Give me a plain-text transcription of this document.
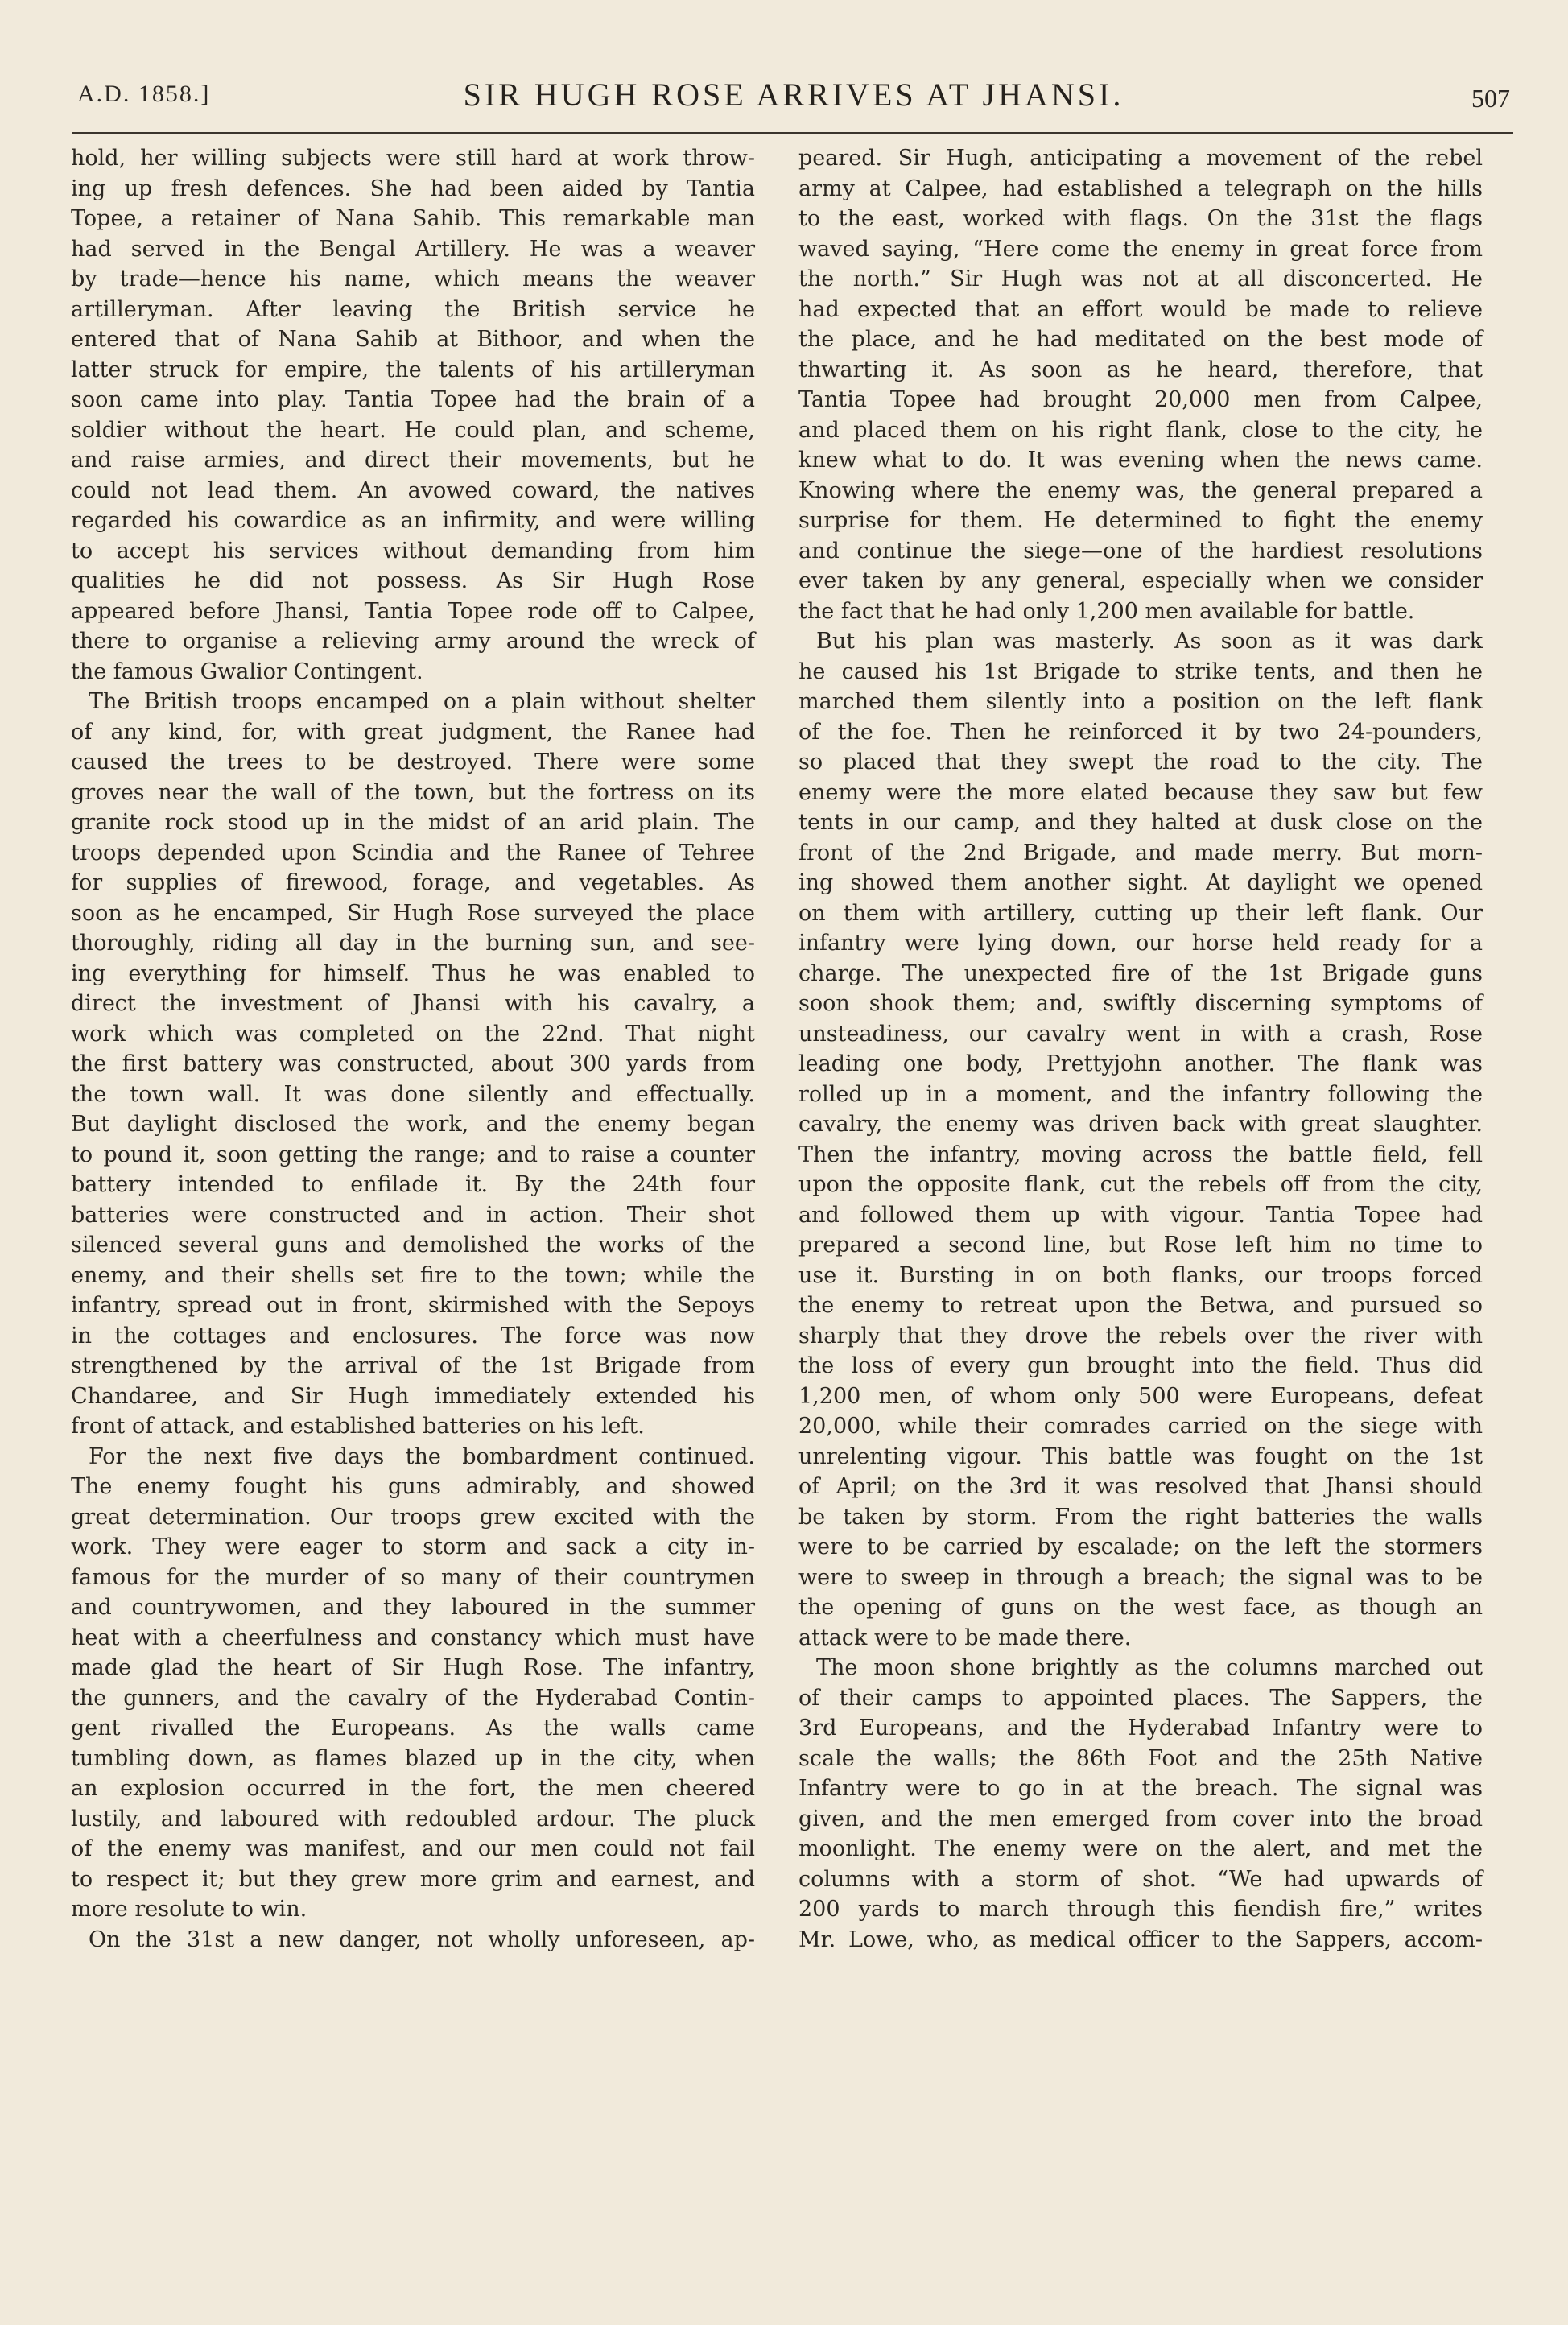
A.D. 1858.]	SIR HUGH ROSE ARRIVES AT JHANSI.	507
hold, her willing subjects were still hard at work throw-
ing up fresh defences. She had been aided by Tantia
Topee, a retainer of Nana Sahib. This remarkable man
had served in the Bengal Artillery. He was a weaver
by trade—hence his name, which means the weaver
artilleryman. After leaving the British service he
entered that of Nana Sahib at Bithoor, and when the
latter struck for empire, the talents of his artilleryman
soon came into play. Tantia Topee had the brain of a
soldier without the heart. He could plan, and scheme,
and raise armies, and direct their movements, but he
could not lead them. An avowed coward, the natives
regarded his cowardice as an infirmity, and were willing
to accept his services without demanding from him
qualities he did not possess. As Sir Hugh Rose
appeared before Jhansi, Tantia Topee rode off to Calpee,
there to organise a relieving army around the wreck of
the famous Gwalior Contingent.
The British troops encamped on a plain without shelter
of any kind, for, with great judgment, the Ranee had
caused the trees to be destroyed. There were some
groves near the wall of the town, but the fortress on its
granite rock stood up in the midst of an arid plain. The
troops depended upon Scindia and the Ranee of Tehree
for supplies of firewood, forage, and vegetables. As
soon as he encamped, Sir Hugh Rose surveyed the place
thoroughly, riding all day in the burning sun, and see-
ing everything for himself. Thus he was enabled to
direct the investment of Jhansi with his cavalry, a
work which was completed on the 22nd. That night
the first battery was constructed, about 300 yards from
the town wall. It was done silently and effectually.
But daylight disclosed the work, and the enemy began
to pound it, soon getting the range; and to raise a counter
battery intended to enfilade it. By the 24th four
batteries were constructed and in action. Their shot
silenced several guns and demolished the works of the
enemy, and their shells set fire to the town; while the
infantry, spread out in front, skirmished with the Sepoys
in the cottages and enclosures. The force was now
strengthened by the arrival of the 1st Brigade from
Chandaree, and Sir Hugh immediately extended his
front of attack, and established batteries on his left.
For the next five days the bombardment continued.
The enemy fought his guns admirably, and showed
great determination. Our troops grew excited with the
work. They were eager to storm and sack a city in-
famous for the murder of so many of their countrymen
and countrywomen, and they laboured in the summer
heat with a cheerfulness and constancy which must have
made glad the heart of Sir Hugh Rose. The infantry,
the gunners, and the cavalry of the Hyderabad Contin-
gent rivalled the Europeans. As the walls came
tumbling down, as flames blazed up in the city, when
an explosion occurred in the fort, the men cheered
lustily, and laboured with redoubled ardour. The pluck
of the enemy was manifest, and our men could not fail
to respect it; but they grew more grim and earnest, and
more resolute to win.
On the 31st a new danger, not wholly unforeseen, ap-
peared. Sir Hugh, anticipating a movement of the rebel
army at Calpee, had established a telegraph on the hills
to the east, worked with flags. On the 31st the flags
waved saying, “Here come the enemy in great force from
the north.” Sir Hugh was not at all disconcerted. He
had expected that an effort would be made to relieve
the place, and he had meditated on the best mode of
thwarting it. As soon as he heard, therefore, that
Tantia Topee had brought 20,000 men from Calpee,
and placed them on his right flank, close to the city, he
knew what to do. It was evening when the news came.
Knowing where the enemy was, the general prepared a
surprise for them. He determined to fight the enemy
and continue the siege—one of the hardiest resolutions
ever taken by any general, especially when we consider
the fact that he had only 1,200 men available for battle.
But his plan was masterly. As soon as it was dark
he caused his 1st Brigade to strike tents, and then he
marched them silently into a position on the left flank
of the foe. Then he reinforced it by two 24-pounders,
so placed that they swept the road to the city. The
enemy were the more elated because they saw but few
tents in our camp, and they halted at dusk close on the
front of the 2nd Brigade, and made merry. But morn-
ing showed them another sight. At daylight we opened
on them with artillery, cutting up their left flank. Our
infantry were lying down, our horse held ready for a
charge. The unexpected fire of the 1st Brigade guns
soon shook them; and, swiftly discerning symptoms of
unsteadiness, our cavalry went in with a crash, Rose
leading one body, Prettyjohn another. The flank was
rolled up in a moment, and the infantry following the
cavalry, the enemy was driven back with great slaughter.
Then the infantry, moving across the battle field, fell
upon the opposite flank, cut the rebels off from the city,
and followed them up with vigour. Tantia Topee had
prepared a second line, but Rose left him no time to
use it. Bursting in on both flanks, our troops forced
the enemy to retreat upon the Betwa, and pursued so
sharply that they drove the rebels over the river with
the loss of every gun brought into the field. Thus did
1,200 men, of whom only 500 were Europeans, defeat
20,000, while their comrades carried on the siege with
unrelenting vigour. This battle was fought on the 1st
of April; on the 3rd it was resolved that Jhansi should
be taken by storm. From the right batteries the walls
were to be carried by escalade; on the left the stormers
were to sweep in through a breach; the signal was to be
the opening of guns on the west face, as though an
attack were to be made there.
The moon shone brightly as the columns marched out
of their camps to appointed places. The Sappers, the
3rd Europeans, and the Hyderabad Infantry were to
scale the walls; the 86th Foot and the 25th Native
Infantry were to go in at the breach. The signal was
given, and the men emerged from cover into the broad
moonlight. The enemy were on the alert, and met the
columns with a storm of shot. “We had upwards of
200 yards to march through this fiendish fire,” writes
Mr. Lowe, who, as medical officer to the Sappers, accom-
